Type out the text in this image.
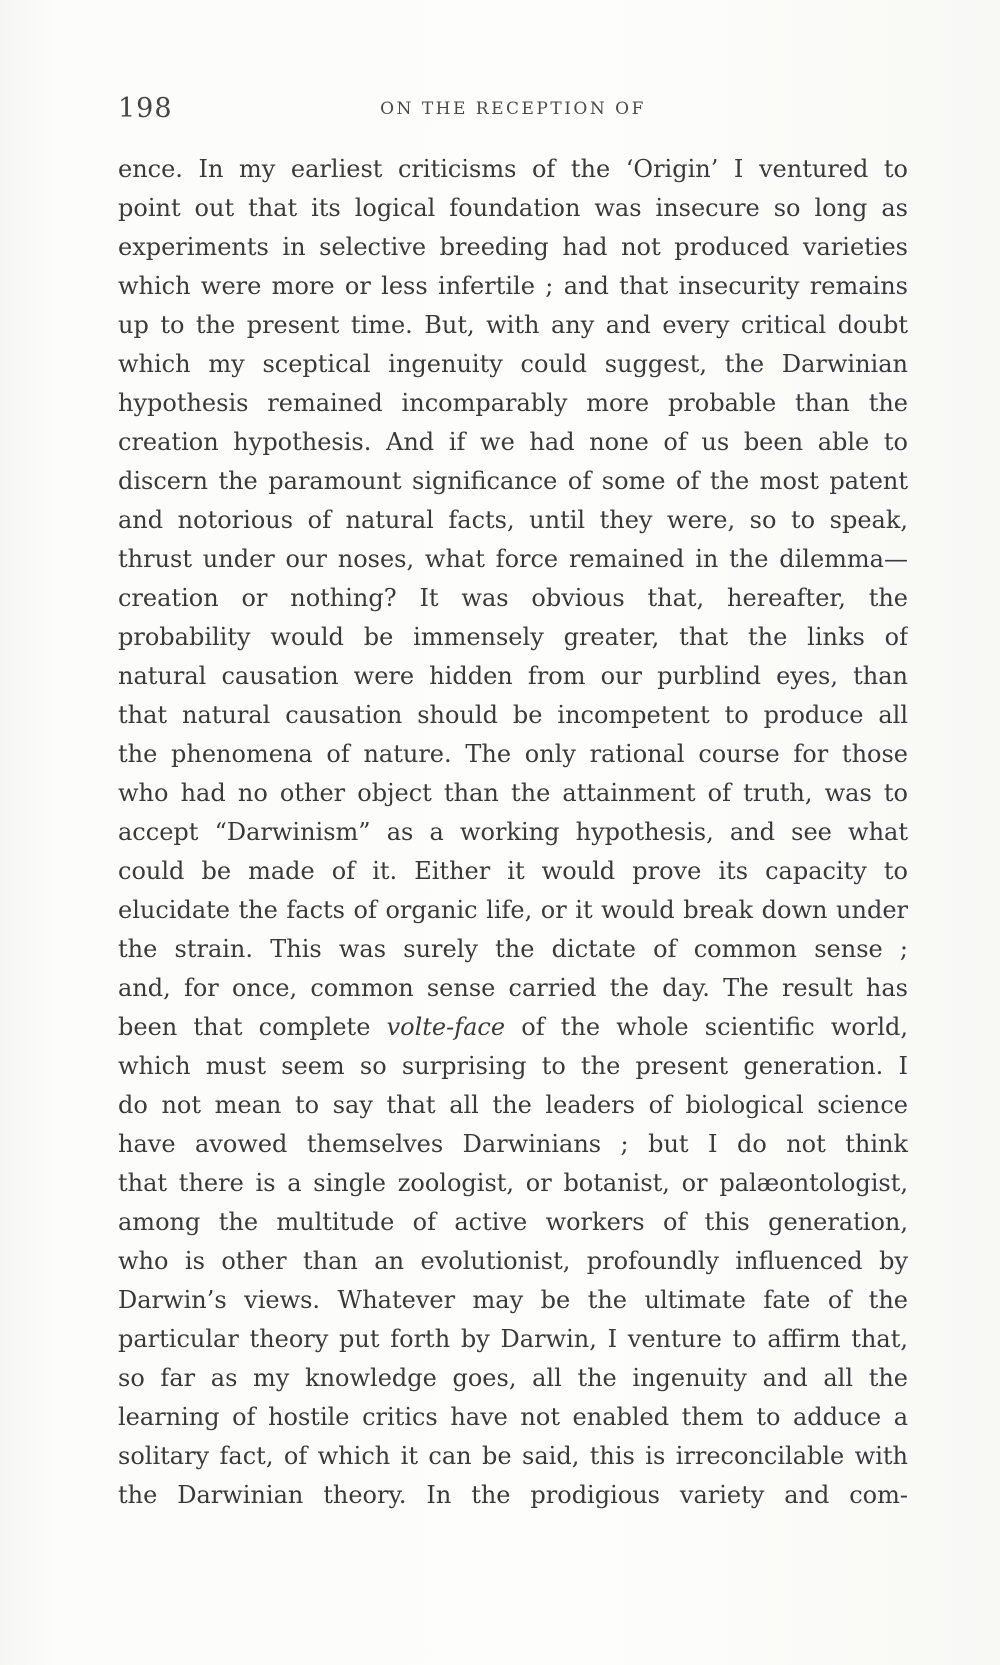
198	ON THE RECEPTION OF
ence. In my earliest criticisms of the ‘Origin’ I ventured to
point out that its logical foundation was insecure so long as
experiments in selective breeding had not produced varieties
which were more or less infertile ; and that insecurity remains
up to the present time. But, with any and every critical doubt
which my sceptical ingenuity could suggest, the Darwinian
hypothesis remained incomparably more probable than the
creation hypothesis. And if we had none of us been able to
discern the paramount significance of some of the most patent
and notorious of natural facts, until they were, so to speak,
thrust under our noses, what force remained in the dilemma—
creation or nothing? It was obvious that, hereafter, the
probability would be immensely greater, that the links of
natural causation were hidden from our purblind eyes, than
that natural causation should be incompetent to produce all
the phenomena of nature. The only rational course for those
who had no other object than the attainment of truth, was to
accept “Darwinism” as a working hypothesis, and see what
could be made of it. Either it would prove its capacity to
elucidate the facts of organic life, or it would break down under
the strain. This was surely the dictate of common sense ;
and, for once, common sense carried the day. The result has
been that complete volte-face of the whole scientific world,
which must seem so surprising to the present generation. I
do not mean to say that all the leaders of biological science
have avowed themselves Darwinians ; but I do not think
that there is a single zoologist, or botanist, or palæontologist,
among the multitude of active workers of this generation,
who is other than an evolutionist, profoundly influenced by
Darwin’s views. Whatever may be the ultimate fate of the
particular theory put forth by Darwin, I venture to affirm that,
so far as my knowledge goes, all the ingenuity and all the
learning of hostile critics have not enabled them to adduce a
solitary fact, of which it can be said, this is irreconcilable with
the Darwinian theory. In the prodigious variety and com-
